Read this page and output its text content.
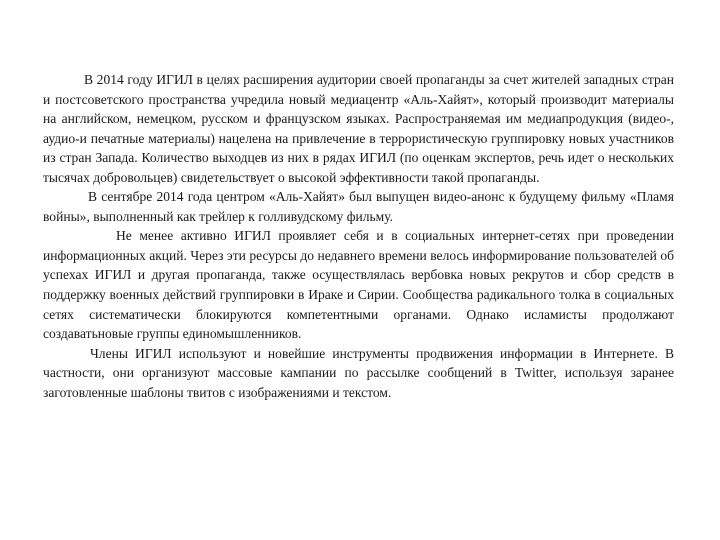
В 2014 году ИГИЛ в целях расширения аудитории своей пропаганды за счет жителей западных стран и постсоветского пространства учредила новый медиацентр «Аль-Хайят», который производит материалы на английском, немецком, русском и французском языках. Распространяемая им медиапродукция (видео-, аудио-и печатные материалы) нацелена на привлечение в террористическую группировку новых участников из стран Запада. Количество выходцев из них в рядах ИГИЛ (по оценкам экспертов, речь идет о нескольких тысячах добровольцев) свидетельствует о высокой эффективности такой пропаганды.

В сентябре 2014 года центром «Аль-Хайят» был выпущен видео-анонс к будущему фильму «Пламя войны», выполненный как трейлер к голливудскому фильму.

Не менее активно ИГИЛ проявляет себя и в социальных интернет-сетях при проведении информационных акций. Через эти ресурсы до недавнего времени велось информирование пользователей об успехах ИГИЛ и другая пропаганда, также осуществлялась вербовка новых рекрутов и сбор средств в поддержку военных действий группировки в Ираке и Сирии. Сообщества радикального толка в социальных сетях систематически блокируются компетентными органами. Однако исламисты продолжают создаватьновые группы единомышленников.

Члены ИГИЛ используют и новейшие инструменты продвижения информации в Интернете. В частности, они организуют массовые кампании по рассылке сообщений в Twitter, используя заранее заготовленные шаблоны твитов с изображениями и текстом.
